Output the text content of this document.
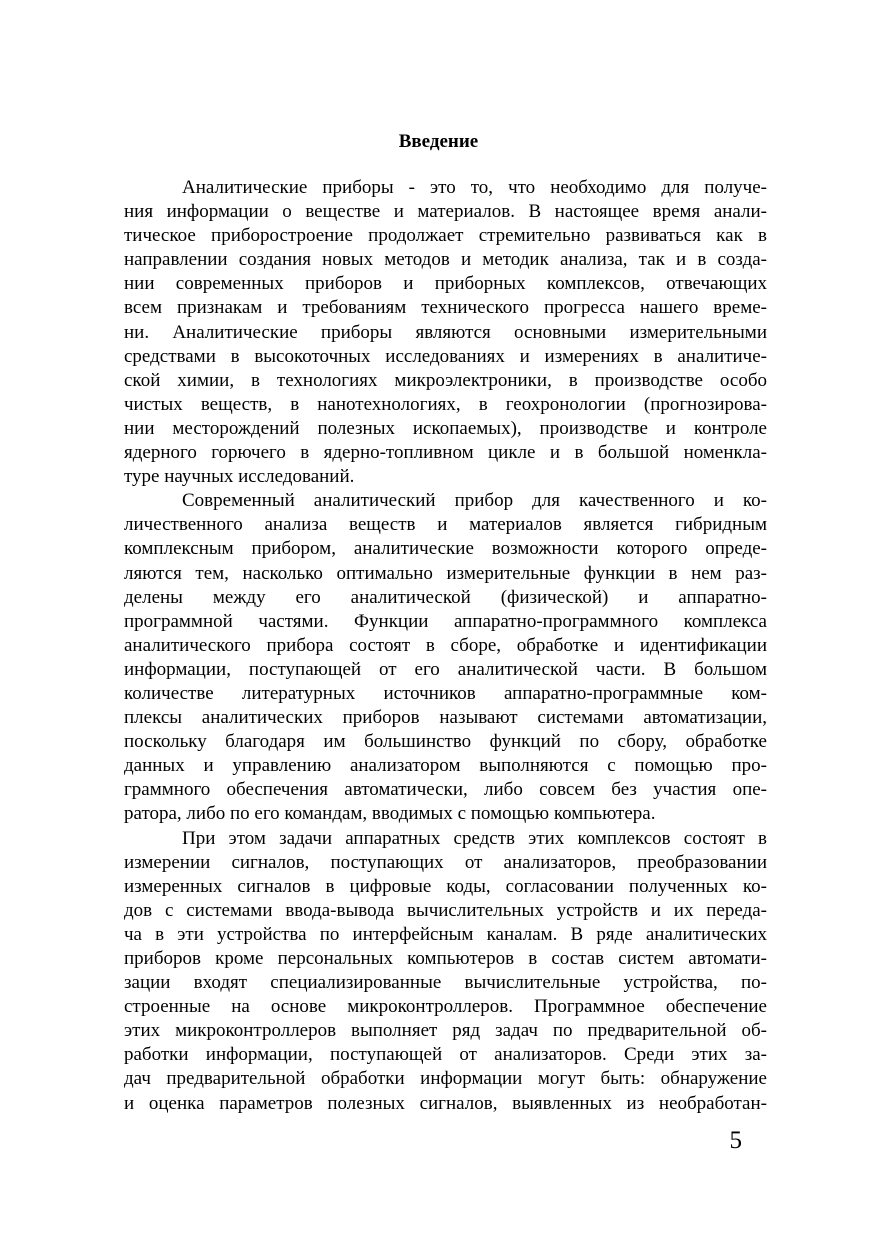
Введение
Аналитические приборы - это то, что необходимо для получе-
ния информации о веществе и материалов. В настоящее время анали-
тическое приборостроение продолжает стремительно развиваться как в
направлении создания новых методов и методик анализа, так и в созда-
нии современных приборов и приборных комплексов, отвечающих
всем признакам и требованиям технического прогресса нашего време-
ни. Аналитические приборы являются основными измерительными
средствами в высокоточных исследованиях и измерениях в аналитиче-
ской химии, в технологиях микроэлектроники, в производстве особо
чистых веществ, в нанотехнологиях, в геохронологии (прогнозирова-
нии месторождений полезных ископаемых), производстве и контроле
ядерного горючего в ядерно-топливном цикле и в большой номенкла-
туре научных исследований.
Современный аналитический прибор для качественного и ко-
личественного анализа веществ и материалов является гибридным
комплексным прибором, аналитические возможности которого опреде-
ляются тем, насколько оптимально измерительные функции в нем раз-
делены между его аналитической (физической) и аппаратно-
программной частями. Функции аппаратно-программного комплекса
аналитического прибора состоят в сборе, обработке и идентификации
информации, поступающей от его аналитической части. В большом
количестве литературных источников аппаратно-программные ком-
плексы аналитических приборов называют системами автоматизации,
поскольку благодаря им большинство функций по сбору, обработке
данных и управлению анализатором выполняются с помощью про-
граммного обеспечения автоматически, либо совсем без участия опе-
ратора, либо по его командам, вводимых с помощью компьютера.
При этом задачи аппаратных средств этих комплексов состоят в
измерении сигналов, поступающих от анализаторов, преобразовании
измеренных сигналов в цифровые коды, согласовании полученных ко-
дов с системами ввода-вывода вычислительных устройств и их переда-
ча в эти устройства по интерфейсным каналам. В ряде аналитических
приборов кроме персональных компьютеров в состав систем автомати-
зации входят специализированные вычислительные устройства, по-
строенные на основе микроконтроллеров. Программное обеспечение
этих микроконтроллеров выполняет ряд задач по предварительной об-
работки информации, поступающей от анализаторов. Среди этих за-
дач предварительной обработки информации могут быть: обнаружение
и оценка параметров полезных сигналов, выявленных из необработан-
5
